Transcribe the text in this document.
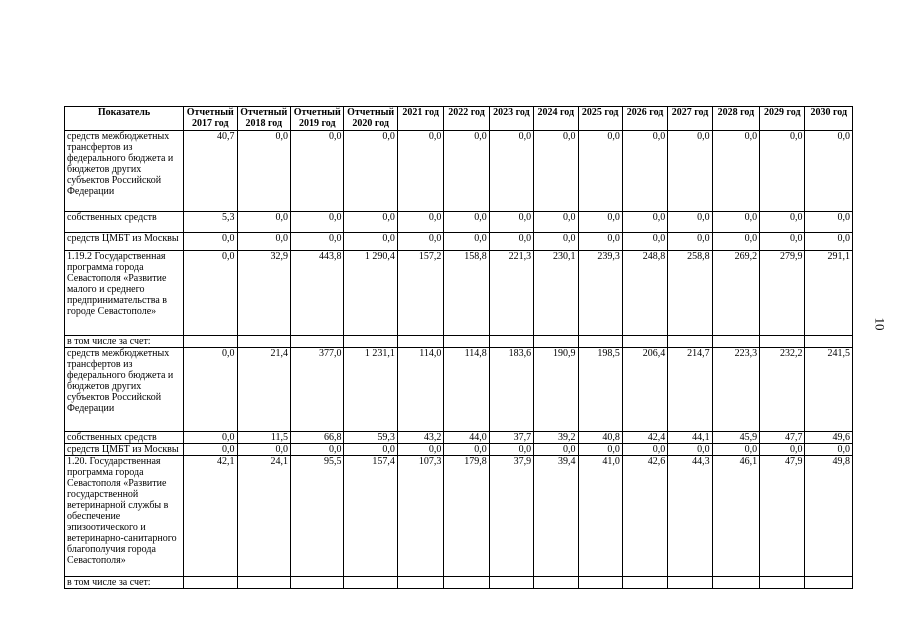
10
Показатель	Отчетный 2017 год	Отчетный 2018 год	Отчетный 2019 год	Отчетный 2020 год	2021 год	2022 год	2023 год	2024 год	2025 год	2026 год	2027 год	2028 год	2029 год	2030 год
средств межбюджетных трансфертов из федерального бюджета и бюджетов других субъектов Российской Федерации	40,7	0,0	0,0	0,0	0,0	0,0	0,0	0,0	0,0	0,0	0,0	0,0	0,0	0,0
собственных средств	5,3	0,0	0,0	0,0	0,0	0,0	0,0	0,0	0,0	0,0	0,0	0,0	0,0	0,0
средств ЦМБТ из Москвы	0,0	0,0	0,0	0,0	0,0	0,0	0,0	0,0	0,0	0,0	0,0	0,0	0,0	0,0
1.19.2 Государственная программа города Севастополя «Развитие малого и среднего предпринимательства в городе Севастополе»	0,0	32,9	443,8	1 290,4	157,2	158,8	221,3	230,1	239,3	248,8	258,8	269,2	279,9	291,1
в том числе за счет:														
средств межбюджетных трансфертов из федерального бюджета и бюджетов других субъектов Российской Федерации	0,0	21,4	377,0	1 231,1	114,0	114,8	183,6	190,9	198,5	206,4	214,7	223,3	232,2	241,5
собственных средств	0,0	11,5	66,8	59,3	43,2	44,0	37,7	39,2	40,8	42,4	44,1	45,9	47,7	49,6
средств ЦМБТ из Москвы	0,0	0,0	0,0	0,0	0,0	0,0	0,0	0,0	0,0	0,0	0,0	0,0	0,0	0,0
1.20. Государственная программа города Севастополя «Развитие государственной ветеринарной службы в обеспечение эпизоотического и ветеринарно-санитарного благополучия города Севастополя»	42,1	24,1	95,5	157,4	107,3	179,8	37,9	39,4	41,0	42,6	44,3	46,1	47,9	49,8
в том числе за счет:														
